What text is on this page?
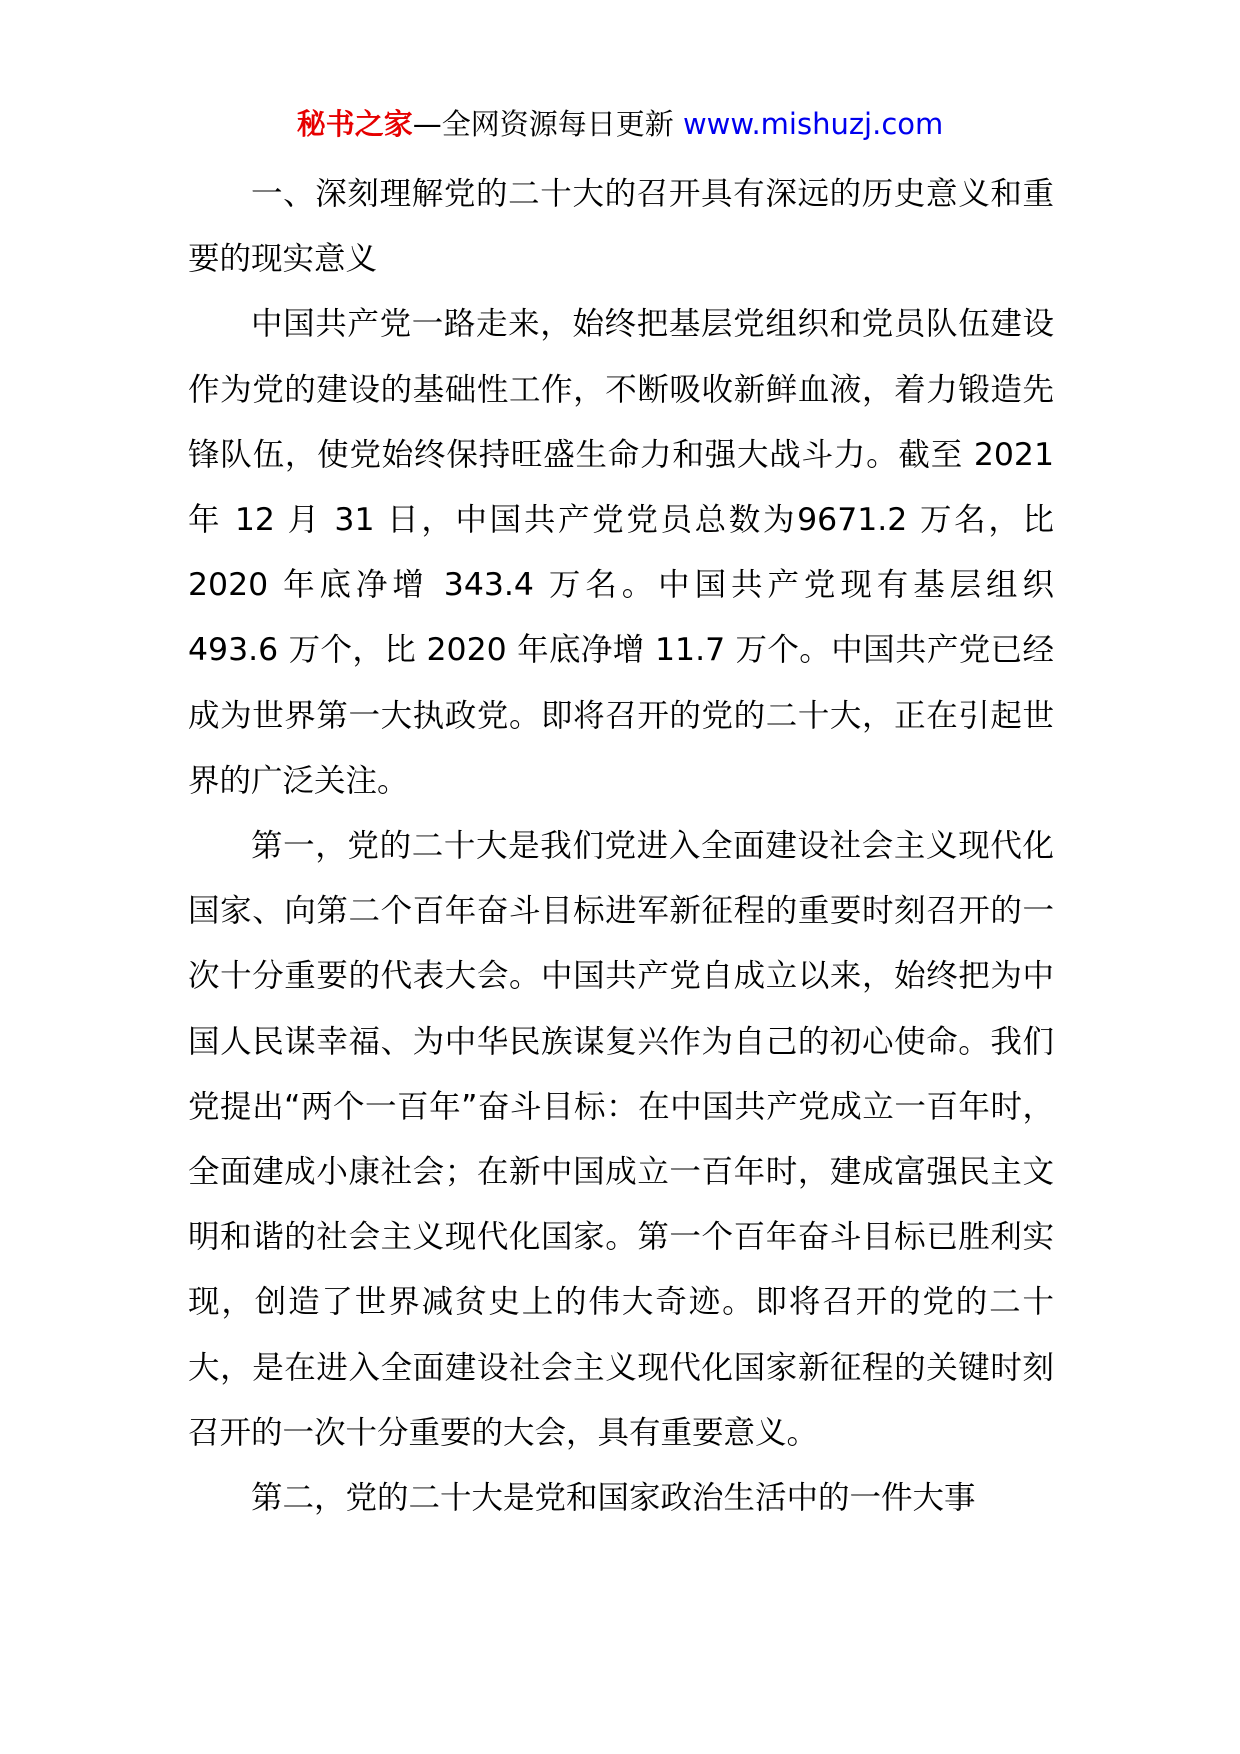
秘书之家—全网资源每日更新 www.mishuzj.com

一、深刻理解党的二十大的召开具有深远的历史意义和重要的现实意义

中国共产党一路走来，始终把基层党组织和党员队伍建设作为党的建设的基础性工作，不断吸收新鲜血液，着力锻造先锋队伍，使党始终保持旺盛生命力和强大战斗力。截至 2021 年 12 月 31 日，中国共产党党员总数为9671.2 万名，比 2020 年底净增 343.4 万名。中国共产党现有基层组织 493.6 万个，比 2020 年底净增 11.7 万个。中国共产党已经成为世界第一大执政党。即将召开的党的二十大，正在引起世界的广泛关注。

第一，党的二十大是我们党进入全面建设社会主义现代化国家、向第二个百年奋斗目标进军新征程的重要时刻召开的一次十分重要的代表大会。中国共产党自成立以来，始终把为中国人民谋幸福、为中华民族谋复兴作为自己的初心使命。我们党提出“两个一百年”奋斗目标：在中国共产党成立一百年时，全面建成小康社会；在新中国成立一百年时，建成富强民主文明和谐的社会主义现代化国家。第一个百年奋斗目标已胜利实现，创造了世界减贫史上的伟大奇迹。即将召开的党的二十大，是在进入全面建设社会主义现代化国家新征程的关键时刻召开的一次十分重要的大会，具有重要意义。

第二，党的二十大是党和国家政治生活中的一件大事
